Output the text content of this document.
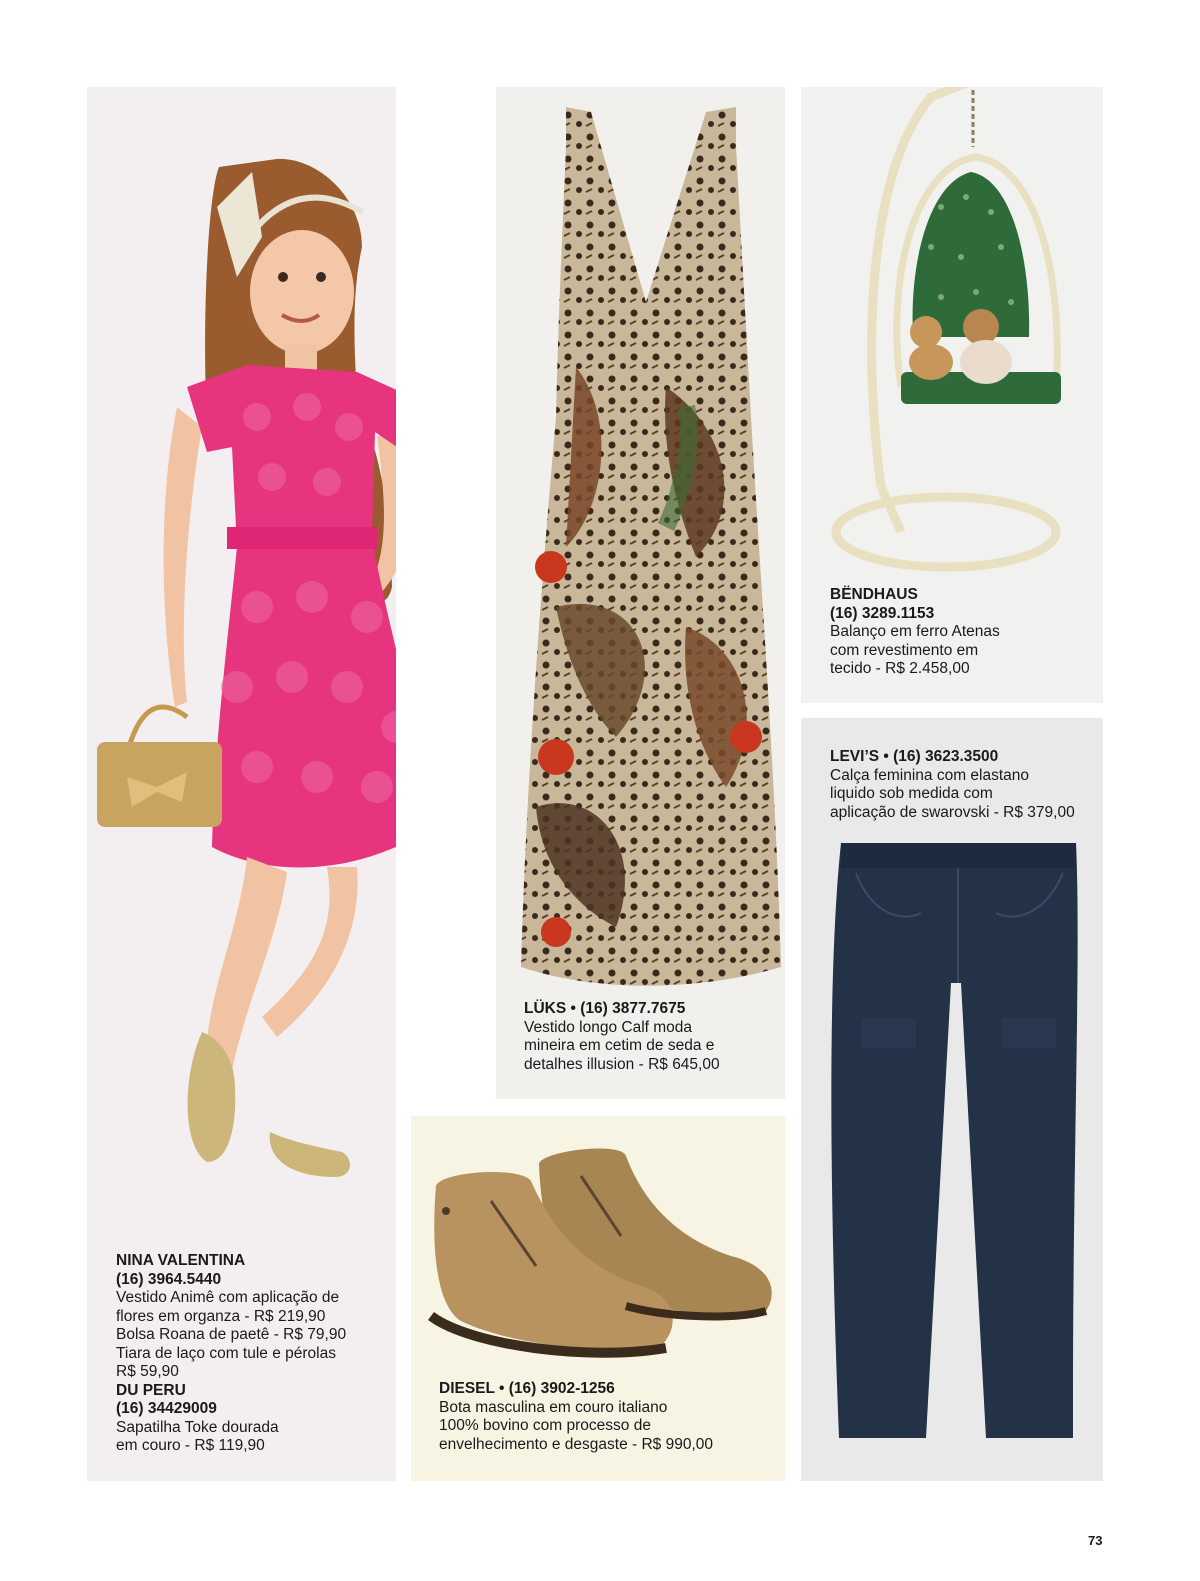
NINA VALENTINA
(16) 3964.5440
Vestido Animê com aplicação de
flores em organza - R$ 219,90
Bolsa Roana de paetê - R$ 79,90
Tiara de laço com tule e pérolas
R$ 59,90
DU PERU
(16) 34429009
Sapatilha Toke dourada
em couro - R$ 119,90
LÜKS • (16) 3877.7675
Vestido longo Calf moda
mineira em cetim de seda e
detalhes illusion - R$ 645,00
BËNDHAUS
(16) 3289.1153
Balanço em ferro Atenas
com revestimento em
tecido - R$ 2.458,00
LEVI’S • (16) 3623.3500
Calça feminina com elastano
liquido sob medida com
aplicação de swarovski - R$ 379,00
DIESEL • (16) 3902-1256
Bota masculina em couro italiano
100% bovino com processo de
envelhecimento e desgaste - R$ 990,00
73
